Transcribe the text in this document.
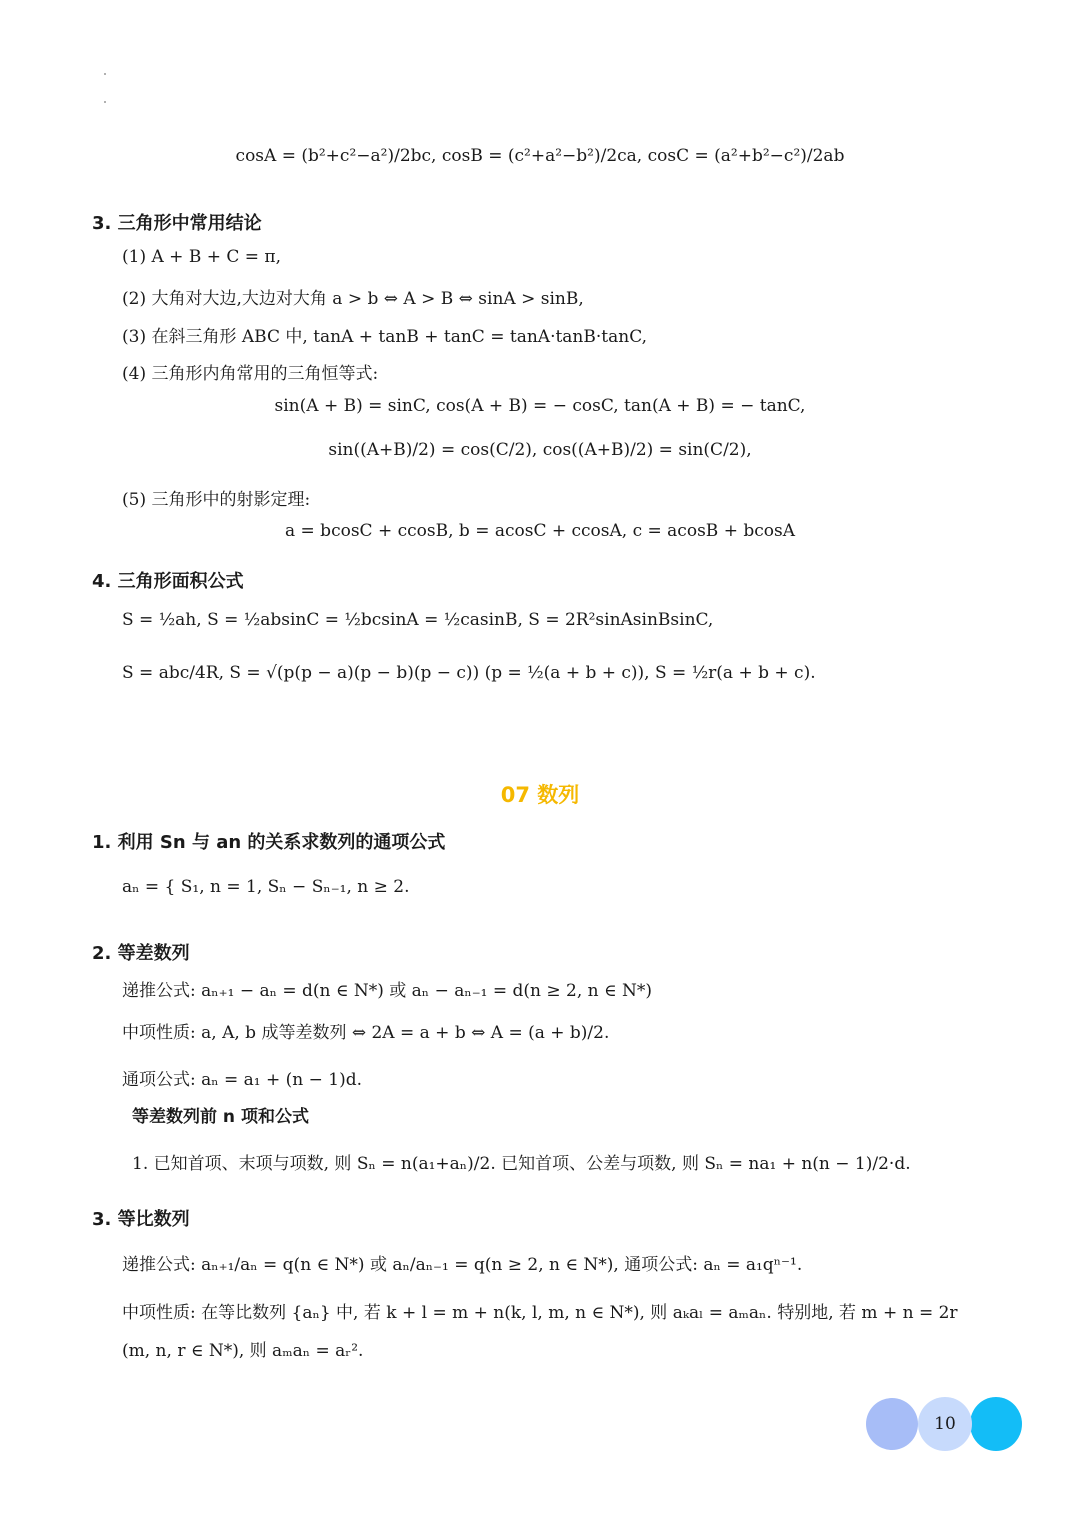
cosA = (b²+c²−a²)/2bc, cosB = (c²+a²−b²)/2ca, cosC = (a²+b²−c²)/2ab
3. 三角形中常用结论
(1) A + B + C = π,
(2) 大角对大边,大边对大角 a > b ⇔ A > B ⇔ sinA > sinB,
(3) 在斜三角形 ABC 中, tanA + tanB + tanC = tanA·tanB·tanC,
(4) 三角形内角常用的三角恒等式:
sin(A + B) = sinC, cos(A + B) = − cosC, tan(A + B) = − tanC,
sin((A+B)/2) = cos(C/2), cos((A+B)/2) = sin(C/2),
(5) 三角形中的射影定理:
a = bcosC + ccosB, b = acosC + ccosA, c = acosB + bcosA
4. 三角形面积公式
S = ½ah, S = ½absinC = ½bcsinA = ½casinB, S = 2R²sinAsinBsinC,
S = abc/4R, S = √(p(p − a)(p − b)(p − c)) (p = ½(a + b + c)), S = ½r(a + b + c).
07 数列
1. 利用 Sn 与 an 的关系求数列的通项公式
aₙ = { S₁, n = 1, Sₙ − Sₙ₋₁, n ≥ 2.
2. 等差数列
递推公式: aₙ₊₁ − aₙ = d(n ∈ N*) 或 aₙ − aₙ₋₁ = d(n ≥ 2, n ∈ N*)
中项性质: a, A, b 成等差数列 ⇔ 2A = a + b ⇔ A = (a + b)/2.
通项公式: aₙ = a₁ + (n − 1)d.
等差数列前 n 项和公式
1. 已知首项、末项与项数, 则 Sₙ = n(a₁+aₙ)/2. 已知首项、公差与项数, 则 Sₙ = na₁ + n(n − 1)/2·d.
3. 等比数列
递推公式: aₙ₊₁/aₙ = q(n ∈ N*) 或 aₙ/aₙ₋₁ = q(n ≥ 2, n ∈ N*), 通项公式: aₙ = a₁qⁿ⁻¹.
中项性质: 在等比数列 {aₙ} 中, 若 k + l = m + n(k, l, m, n ∈ N*), 则 aₖaₗ = aₘaₙ. 特别地, 若 m + n = 2r
(m, n, r ∈ N*), 则 aₘaₙ = aᵣ².
10
